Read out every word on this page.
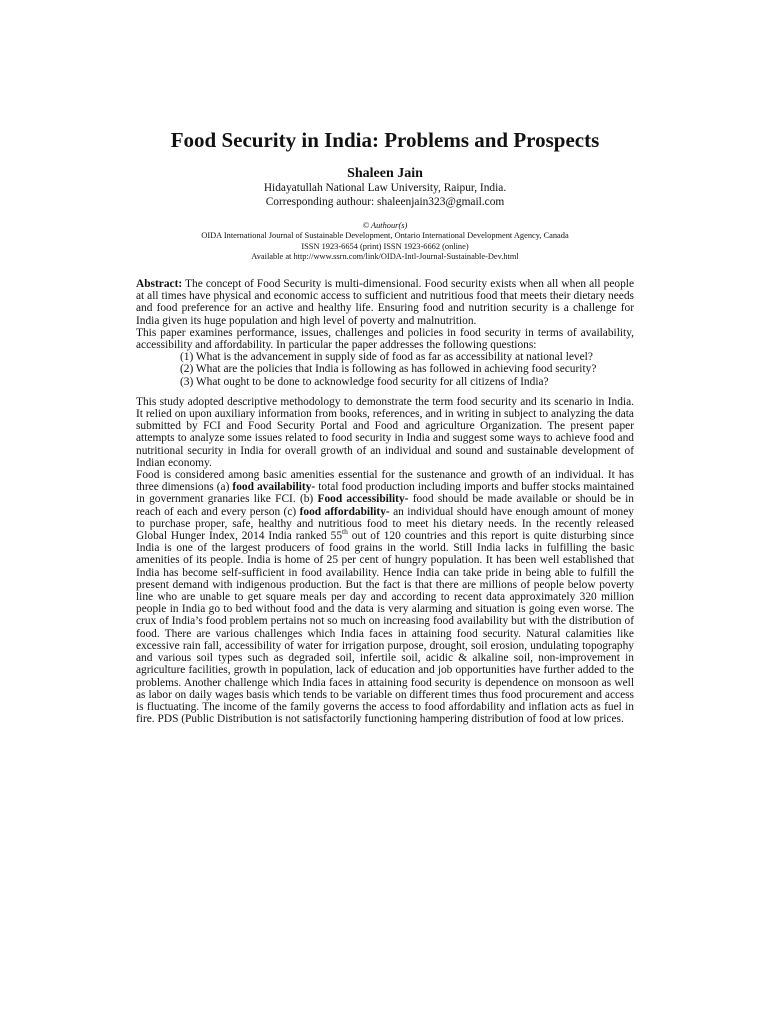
Food Security in India: Problems and Prospects
Shaleen Jain
Hidayatullah National Law University, Raipur, India.
Corresponding authour: shaleenjain323@gmail.com
© Authour(s)
OIDA International Journal of Sustainable Development, Ontario International Development Agency, Canada
ISSN 1923-6654 (print) ISSN 1923-6662 (online)
Available at http://www.ssrn.com/link/OIDA-Intl-Journal-Sustainable-Dev.html

Abstract: The concept of Food Security is multi-dimensional. Food security exists when all when all people at all times have physical and economic access to sufficient and nutritious food that meets their dietary needs and food preference for an active and healthy life. Ensuring food and nutrition security is a challenge for India given its huge population and high level of poverty and malnutrition.

This paper examines performance, issues, challenges and policies in food security in terms of availability, accessibility and affordability. In particular the paper addresses the following questions:

(1) What is the advancement in supply side of food as far as accessibility at national level?

(2) What are the policies that India is following as has followed in achieving food security?

(3) What ought to be done to acknowledge food security for all citizens of India?

This study adopted descriptive methodology to demonstrate the term food security and its scenario in India. It relied on upon auxiliary information from books, references, and in writing in subject to analyzing the data submitted by FCI and Food Security Portal and Food and agriculture Organization. The present paper attempts to analyze some issues related to food security in India and suggest some ways to achieve food and nutritional security in India for overall growth of an individual and sound and sustainable development of Indian economy.

Food is considered among basic amenities essential for the sustenance and growth of an individual. It has three dimensions (a) food availability- total food production including imports and buffer stocks maintained in government granaries like FCI. (b) Food accessibility- food should be made available or should be in reach of each and every person (c) food affordability- an individual should have enough amount of money to purchase proper, safe, healthy and nutritious food to meet his dietary needs. In the recently released Global Hunger Index, 2014 India ranked 55th out of 120 countries and this report is quite disturbing since India is one of the largest producers of food grains in the world. Still India lacks in fulfilling the basic amenities of its people. India is home of 25 per cent of hungry population. It has been well established that India has become self-sufficient in food availability. Hence India can take pride in being able to fulfill the present demand with indigenous production. But the fact is that there are millions of people below poverty line who are unable to get square meals per day and according to recent data approximately 320 million people in India go to bed without food and the data is very alarming and situation is going even worse. The crux of India’s food problem pertains not so much on increasing food availability but with the distribution of food. There are various challenges which India faces in attaining food security. Natural calamities like excessive rain fall, accessibility of water for irrigation purpose, drought, soil erosion, undulating topography and various soil types such as degraded soil, infertile soil, acidic & alkaline soil, non-improvement in agriculture facilities, growth in population, lack of education and job opportunities have further added to the problems. Another challenge which India faces in attaining food security is dependence on monsoon as well as labor on daily wages basis which tends to be variable on different times thus food procurement and access is fluctuating. The income of the family governs the access to food affordability and inflation acts as fuel in fire. PDS (Public Distribution is not satisfactorily functioning hampering distribution of food at low prices.
